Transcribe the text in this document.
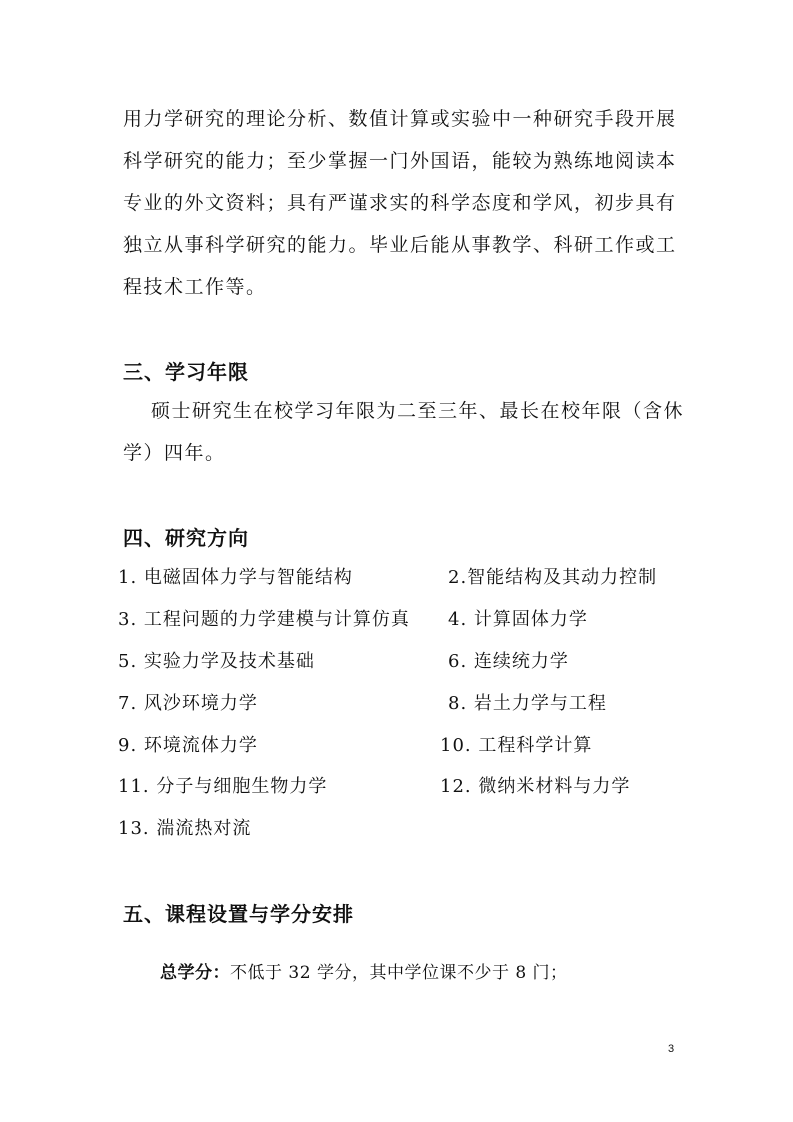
用力学研究的理论分析、数值计算或实验中一种研究手段开展
科学研究的能力；至少掌握一门外国语，能较为熟练地阅读本
专业的外文资料；具有严谨求实的科学态度和学风，初步具有
独立从事科学研究的能力。毕业后能从事教学、科研工作或工
程技术工作等。
三、学习年限
硕士研究生在校学习年限为二至三年、最长在校年限（含休
学）四年。
四、研究方向
1. 电磁固体力学与智能结构	2.智能结构及其动力控制
3. 工程问题的力学建模与计算仿真 4. 计算固体力学
5. 实验力学及技术基础	6. 连续统力学
7. 风沙环境力学	8. 岩土力学与工程
9. 环境流体力学	10. 工程科学计算
11. 分子与细胞生物力学	12. 微纳米材料与力学
13. 湍流热对流
五、课程设置与学分安排
总学分：不低于 32 学分，其中学位课不少于 8 门；
3
